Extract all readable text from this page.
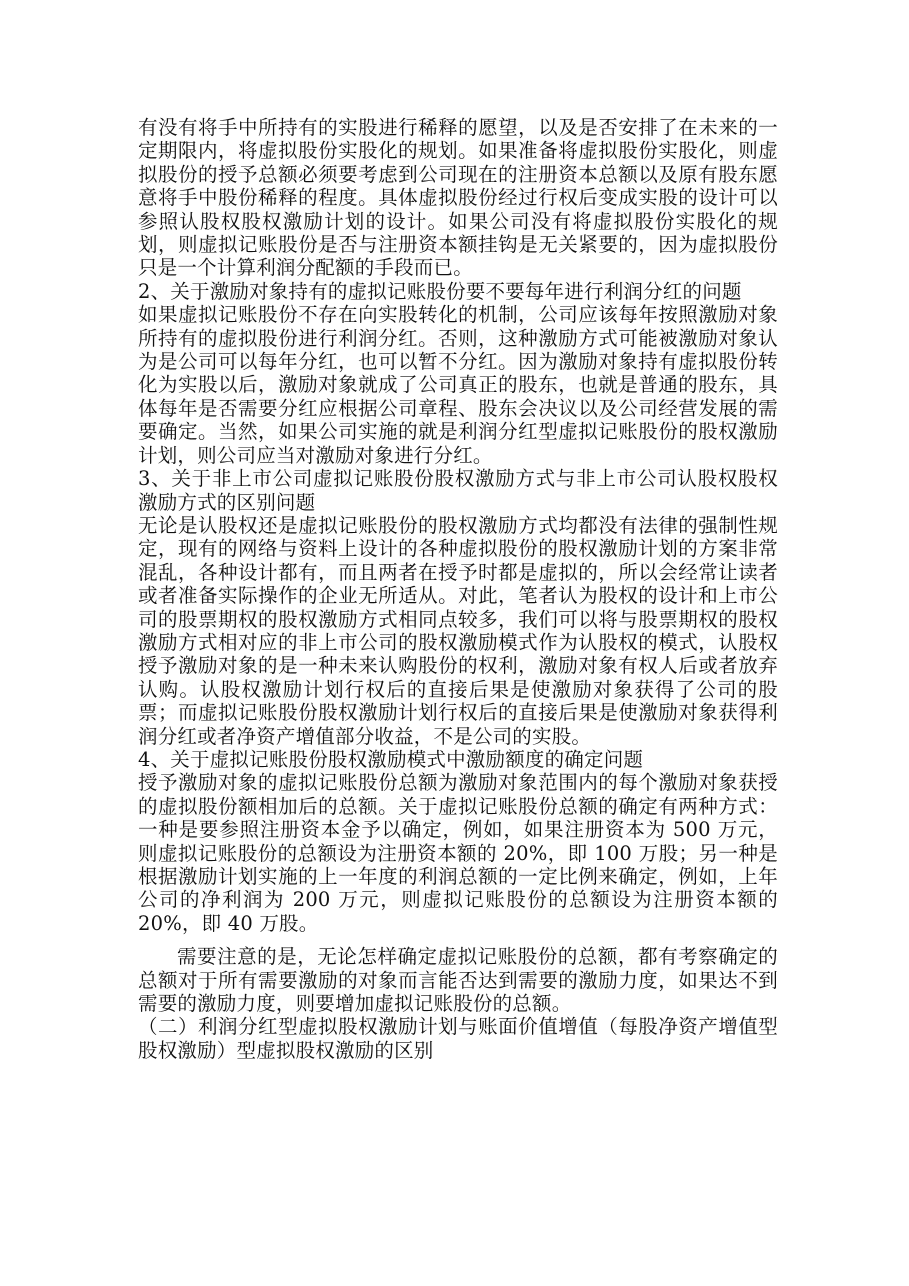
有没有将手中所持有的实股进行稀释的愿望，以及是否安排了在未来的一定期限内，将虚拟股份实股化的规划。如果准备将虚拟股份实股化，则虚拟股份的授予总额必须要考虑到公司现在的注册资本总额以及原有股东愿意将手中股份稀释的程度。具体虚拟股份经过行权后变成实股的设计可以参照认股权股权激励计划的设计。如果公司没有将虚拟股份实股化的规划，则虚拟记账股份是否与注册资本额挂钩是无关紧要的，因为虚拟股份只是一个计算利润分配额的手段而已。

2、关于激励对象持有的虚拟记账股份要不要每年进行利润分红的问题

如果虚拟记账股份不存在向实股转化的机制，公司应该每年按照激励对象所持有的虚拟股份进行利润分红。否则，这种激励方式可能被激励对象认为是公司可以每年分红，也可以暂不分红。因为激励对象持有虚拟股份转化为实股以后，激励对象就成了公司真正的股东，也就是普通的股东，具体每年是否需要分红应根据公司章程、股东会决议以及公司经营发展的需要确定。当然，如果公司实施的就是利润分红型虚拟记账股份的股权激励计划，则公司应当对激励对象进行分红。

3、关于非上市公司虚拟记账股份股权激励方式与非上市公司认股权股权激励方式的区别问题

无论是认股权还是虚拟记账股份的股权激励方式均都没有法律的强制性规定，现有的网络与资料上设计的各种虚拟股份的股权激励计划的方案非常混乱，各种设计都有，而且两者在授予时都是虚拟的，所以会经常让读者或者准备实际操作的企业无所适从。对此，笔者认为股权的设计和上市公司的股票期权的股权激励方式相同点较多，我们可以将与股票期权的股权激励方式相对应的非上市公司的股权激励模式作为认股权的模式，认股权授予激励对象的是一种未来认购股份的权利，激励对象有权人后或者放弃认购。认股权激励计划行权后的直接后果是使激励对象获得了公司的股票；而虚拟记账股份股权激励计划行权后的直接后果是使激励对象获得利润分红或者净资产增值部分收益，不是公司的实股。

4、关于虚拟记账股份股权激励模式中激励额度的确定问题

授予激励对象的虚拟记账股份总额为激励对象范围内的每个激励对象获授的虚拟股份额相加后的总额。关于虚拟记账股份总额的确定有两种方式：一种是要参照注册资本金予以确定，例如，如果注册资本为 500 万元，则虚拟记账股份的总额设为注册资本额的 20%，即 100 万股；另一种是根据激励计划实施的上一年度的利润总额的一定比例来确定，例如，上年公司的净利润为 200 万元，则虚拟记账股份的总额设为注册资本额的 20%，即 40 万股。

需要注意的是，无论怎样确定虚拟记账股份的总额，都有考察确定的总额对于所有需要激励的对象而言能否达到需要的激励力度，如果达不到需要的激励力度，则要增加虚拟记账股份的总额。

（二）利润分红型虚拟股权激励计划与账面价值增值（每股净资产增值型股权激励）型虚拟股权激励的区别
